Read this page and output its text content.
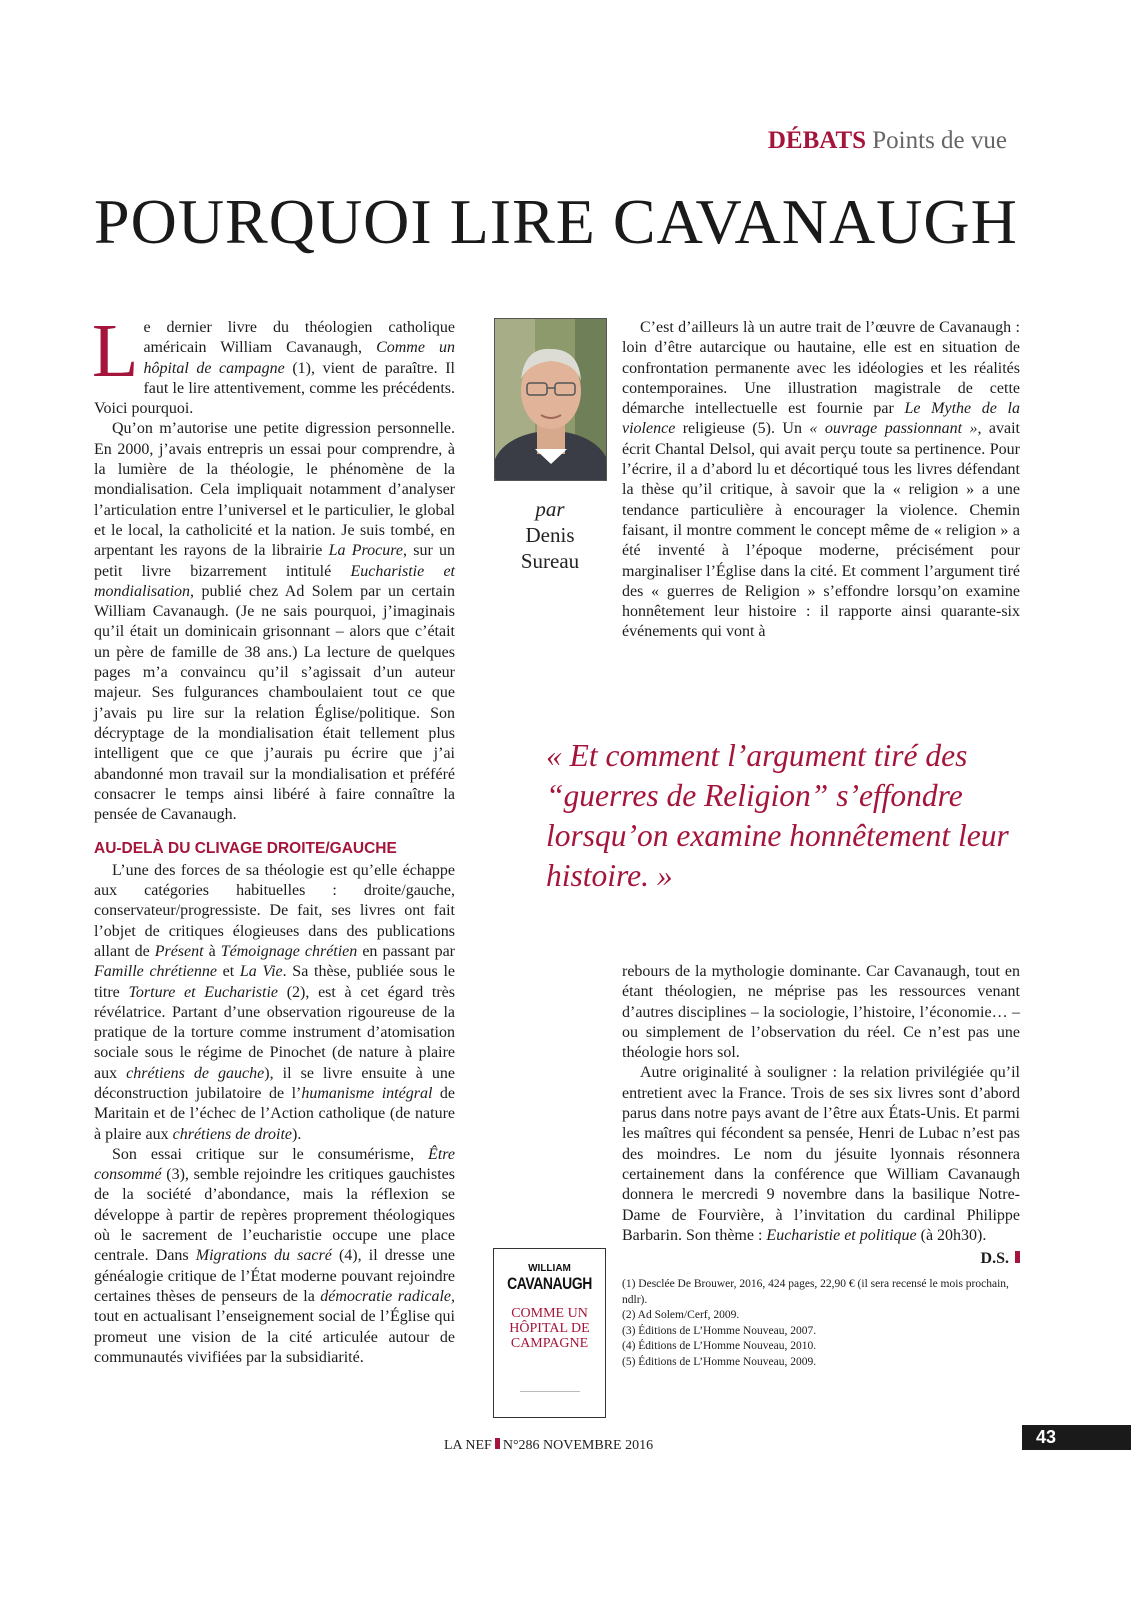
DÉBATS Points de vue
POURQUOI LIRE CAVANAUGH

Le dernier livre du théologien catholique américain William Cavanaugh, Comme un hôpital de campagne (1), vient de paraître. Il faut le lire attentivement, comme les précédents. Voici pourquoi.

Qu’on m’autorise une petite digression personnelle. En 2000, j’avais entrepris un essai pour comprendre, à la lumière de la théologie, le phénomène de la mondialisation. Cela impliquait notamment d’analyser l’articulation entre l’universel et le particulier, le global et le local, la catholicité et la nation. Je suis tombé, en arpentant les rayons de la librairie La Procure, sur un petit livre bizarrement intitulé Eucharistie et mondialisation, publié chez Ad Solem par un certain William Cavanaugh. (Je ne sais pourquoi, j’imaginais qu’il était un dominicain grisonnant – alors que c’était un père de famille de 38 ans.) La lecture de quelques pages m’a convaincu qu’il s’agissait d’un auteur majeur. Ses fulgurances chamboulaient tout ce que j’avais pu lire sur la relation Église/politique. Son décryptage de la mondialisation était tellement plus intelligent que ce que j’aurais pu écrire que j’ai abandonné mon travail sur la mondialisation et préféré consacrer le temps ainsi libéré à faire connaître la pensée de Cavanaugh.

AU-DELÀ DU CLIVAGE DROITE/GAUCHE

L’une des forces de sa théologie est qu’elle échappe aux catégories habituelles : droite/gauche, conservateur/progressiste. De fait, ses livres ont fait l’objet de critiques élogieuses dans des publications allant de Présent à Témoignage chrétien en passant par Famille chrétienne et La Vie. Sa thèse, publiée sous le titre Torture et Eucharistie (2), est à cet égard très révélatrice. Partant d’une observation rigoureuse de la pratique de la torture comme instrument d’atomisation sociale sous le régime de Pinochet (de nature à plaire aux chrétiens de gauche), il se livre ensuite à une déconstruction jubilatoire de l’humanisme intégral de Maritain et de l’échec de l’Action catholique (de nature à plaire aux chrétiens de droite).

Son essai critique sur le consumérisme, Être consommé (3), semble rejoindre les critiques gauchistes de la société d’abondance, mais la réflexion se développe à partir de repères proprement théologiques où le sacrement de l’eucharistie occupe une place centrale. Dans Migrations du sacré (4), il dresse une généalogie critique de l’État moderne pouvant rejoindre certaines thèses de penseurs de la démocratie radicale, tout en actualisant l’enseignement social de l’Église qui promeut une vision de la cité articulée autour de communautés vivifiées par la subsidiarité.

par
Denis
Sureau

C’est d’ailleurs là un autre trait de l’œuvre de Cavanaugh : loin d’être autarcique ou hautaine, elle est en situation de confrontation permanente avec les idéologies et les réalités contemporaines. Une illustration magistrale de cette démarche intellectuelle est fournie par Le Mythe de la violence religieuse (5). Un « ouvrage passionnant », avait écrit Chantal Delsol, qui avait perçu toute sa pertinence. Pour l’écrire, il a d’abord lu et décortiqué tous les livres défendant la thèse qu’il critique, à savoir que la « religion » a une tendance particulière à encourager la violence. Chemin faisant, il montre comment le concept même de « religion » a été inventé à l’époque moderne, précisément pour marginaliser l’Église dans la cité. Et comment l’argument tiré des « guerres de Religion » s’effondre lorsqu’on examine honnêtement leur histoire : il rapporte ainsi quarante-six événements qui vont à

« Et comment l’argument tiré des “guerres de Religion” s’effondre lorsqu’on examine honnêtement leur histoire. »
WILLIAM
CAVANAUGH
COMME UN HÔPITAL DE CAMPAGNE

rebours de la mythologie dominante. Car Cavanaugh, tout en étant théologien, ne méprise pas les ressources venant d’autres disciplines – la sociologie, l’histoire, l’économie… – ou simplement de l’observation du réel. Ce n’est pas une théologie hors sol.

Autre originalité à souligner : la relation privilégiée qu’il entretient avec la France. Trois de ses six livres sont d’abord parus dans notre pays avant de l’être aux États-Unis. Et parmi les maîtres qui fécondent sa pensée, Henri de Lubac n’est pas des moindres. Le nom du jésuite lyonnais résonnera certainement dans la conférence que William Cavanaugh donnera le mercredi 9 novembre dans la basilique Notre-Dame de Fourvière, à l’invitation du cardinal Philippe Barbarin. Son thème : Eucharistie et politique (à 20h30).

D.S.
(1) Desclée De Brouwer, 2016, 424 pages, 22,90 € (il sera recensé le mois prochain, ndlr).
(2) Ad Solem/Cerf, 2009.
(3) Éditions de L’Homme Nouveau, 2007.
(4) Éditions de L’Homme Nouveau, 2010.
(5) Éditions de L’Homme Nouveau, 2009.
LA NEF N°286 NOVEMBRE 2016	43
